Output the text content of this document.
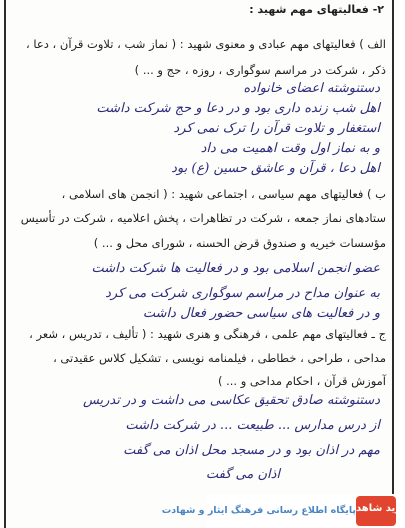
۲- فعالیتهای مهم شهید :
الف ) فعالیتهای مهم عبادی و معنوی شهید : ( نماز شب ، تلاوت قرآن ، دعا ،
ذکر ، شرکت در مراسم سوگواری ، روزه ، حج و ... )
دستنوشته اعضای خانواده
اهل شب زنده داری بود و در دعا و حج شرکت داشت
استغفار و تلاوت قرآن را ترک نمی کرد
و به نماز اول وقت اهمیت می داد
اهل دعا ، قرآن و عاشق حسین (ع) بود
ب ) فعالیتهای مهم سیاسی ، اجتماعی شهید : ( انجمن های اسلامی ،
ستادهای نماز جمعه ، شرکت در تظاهرات ، پخش اعلامیه ، شرکت در تأسیس
مؤسسات خیریه و صندوق قرض الحسنه ، شورای محل و ... )
عضو انجمن اسلامی بود و در فعالیت ها شرکت داشت
به عنوان مداح در مراسم سوگواری شرکت می کرد
و در فعالیت های سیاسی حضور فعال داشت
ج ـ فعالیتهای مهم علمی ، فرهنگی و هنری شهید : ( تألیف ، تدریس ، شعر ،
مداحی ، طراحی ، خطاطی ، فیلمنامه نویسی ، تشکیل کلاس عقیدتی ،
آموزش قرآن ، احکام مداحی و ... )
دستنوشته صادق تحقیق عکاسی می داشت و در تدریس
از درس مدارس ... طبیعت ... در شرکت داشت
مهم در اذان بود و در مسجد محل اذان می گفت
اذان می گفت
پایگاه اطلاع رسانی فرهنگ ایثار و شهادت نوید شاهد
